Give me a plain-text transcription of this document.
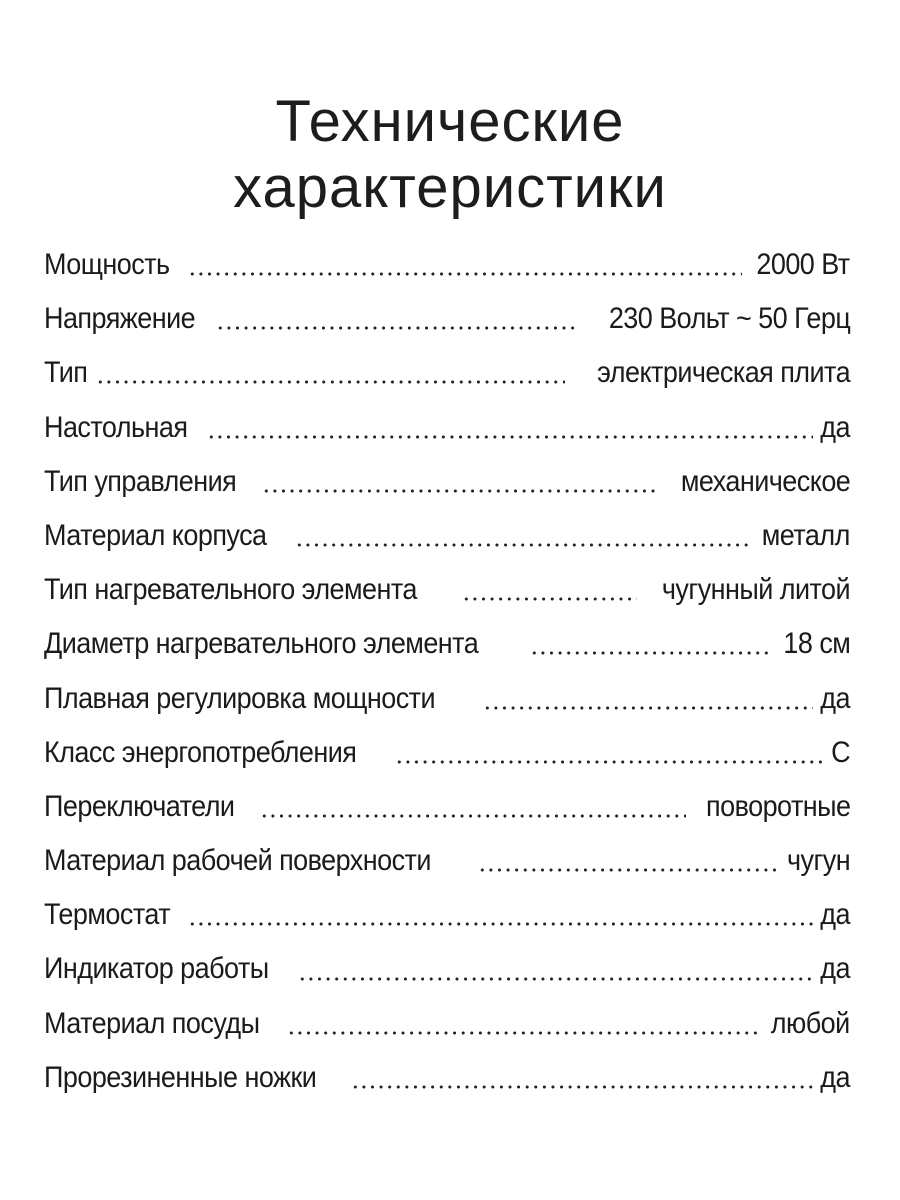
Технические
характеристики
Мощность	2000 Вт
Напряжение	230 Вольт ~ 50 Герц
Тип	электрическая плита
Настольная	да
Тип управления	механическое
Материал корпуса	металл
Тип нагревательного элемента	чугунный литой
Диаметр нагревательного элемента	18 см
Плавная регулировка мощности	да
Класс энергопотребления	C
Переключатели	поворотные
Материал рабочей поверхности	чугун
Термостат	да
Индикатор работы	да
Материал посуды	любой
Прорезиненные ножки	да
